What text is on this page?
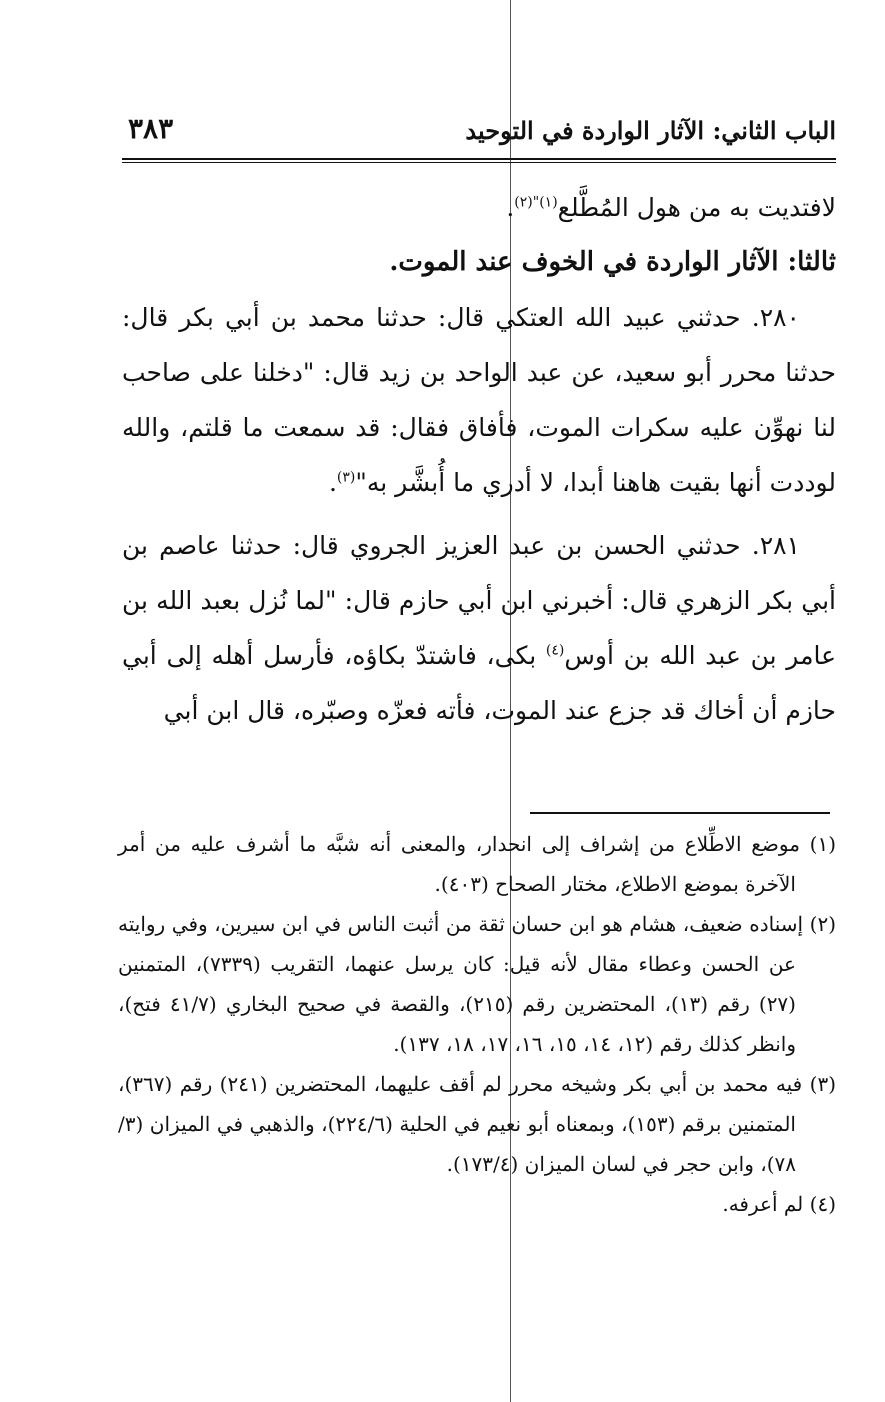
الباب الثاني: الآثار الواردة في التوحيد
٣٨٣

لافتديت به من هول المُطَّلع$^{(١)"(٢)}$.

ثالثا: الآثار الواردة في الخوف عند الموت.

٢٨٠. حدثني عبيد الله العتكي قال: حدثنا محمد بن أبي بكر قال: حدثنا محرر أبو سعيد، عن عبد الواحد بن زيد قال: "دخلنا على صاحب لنا نهوِّن عليه سكرات الموت، فأفاق فقال: قد سمعت ما قلتم، والله لوددت أنها بقيت هاهنا أبدا، لا أدري ما أُبشَّر به"$^{(٣)}$.

٢٨١. حدثني الحسن بن عبد العزيز الجروي قال: حدثنا عاصم بن أبي بكر الزهري قال: أخبرني ابن أبي حازم قال: "لما نُزل بعبد الله بن عامر بن عبد الله بن أوس$^{(٤)}$ بكى، فاشتدّ بكاؤه، فأرسل أهله إلى أبي حازم أن أخاك قد جزع عند الموت، فأته فعزّه وصبّره، قال ابن أبي

(١) موضع الاطِّلاع من إشراف إلى انحدار، والمعنى أنه شبَّه ما أشرف عليه من أمر الآخرة بموضع الاطلاع، مختار الصحاح (٤٠٣).

(٢) إسناده ضعيف، هشام هو ابن حسان ثقة من أثبت الناس في ابن سيرين، وفي روايته عن الحسن وعطاء مقال لأنه قيل: كان يرسل عنهما، التقريب (٧٣٣٩)، المتمنين (٢٧) رقم (١٣)، المحتضرين رقم (٢١٥)، والقصة في صحيح البخاري (٤١/٧ فتح)، وانظر كذلك رقم (١٢، ١٤، ١٥، ١٦، ١٧، ١٨، ١٣٧).

(٣) فيه محمد بن أبي بكر وشيخه محرر لم أقف عليهما، المحتضرين (٢٤١) رقم (٣٦٧)، المتمنين برقم (١٥٣)، وبمعناه أبو نعيم في الحلية (٢٢٤/٦)، والذهبي في الميزان (٣/ ٧٨)، وابن حجر في لسان الميزان (١٧٣/٤).

(٤) لم أعرفه.
